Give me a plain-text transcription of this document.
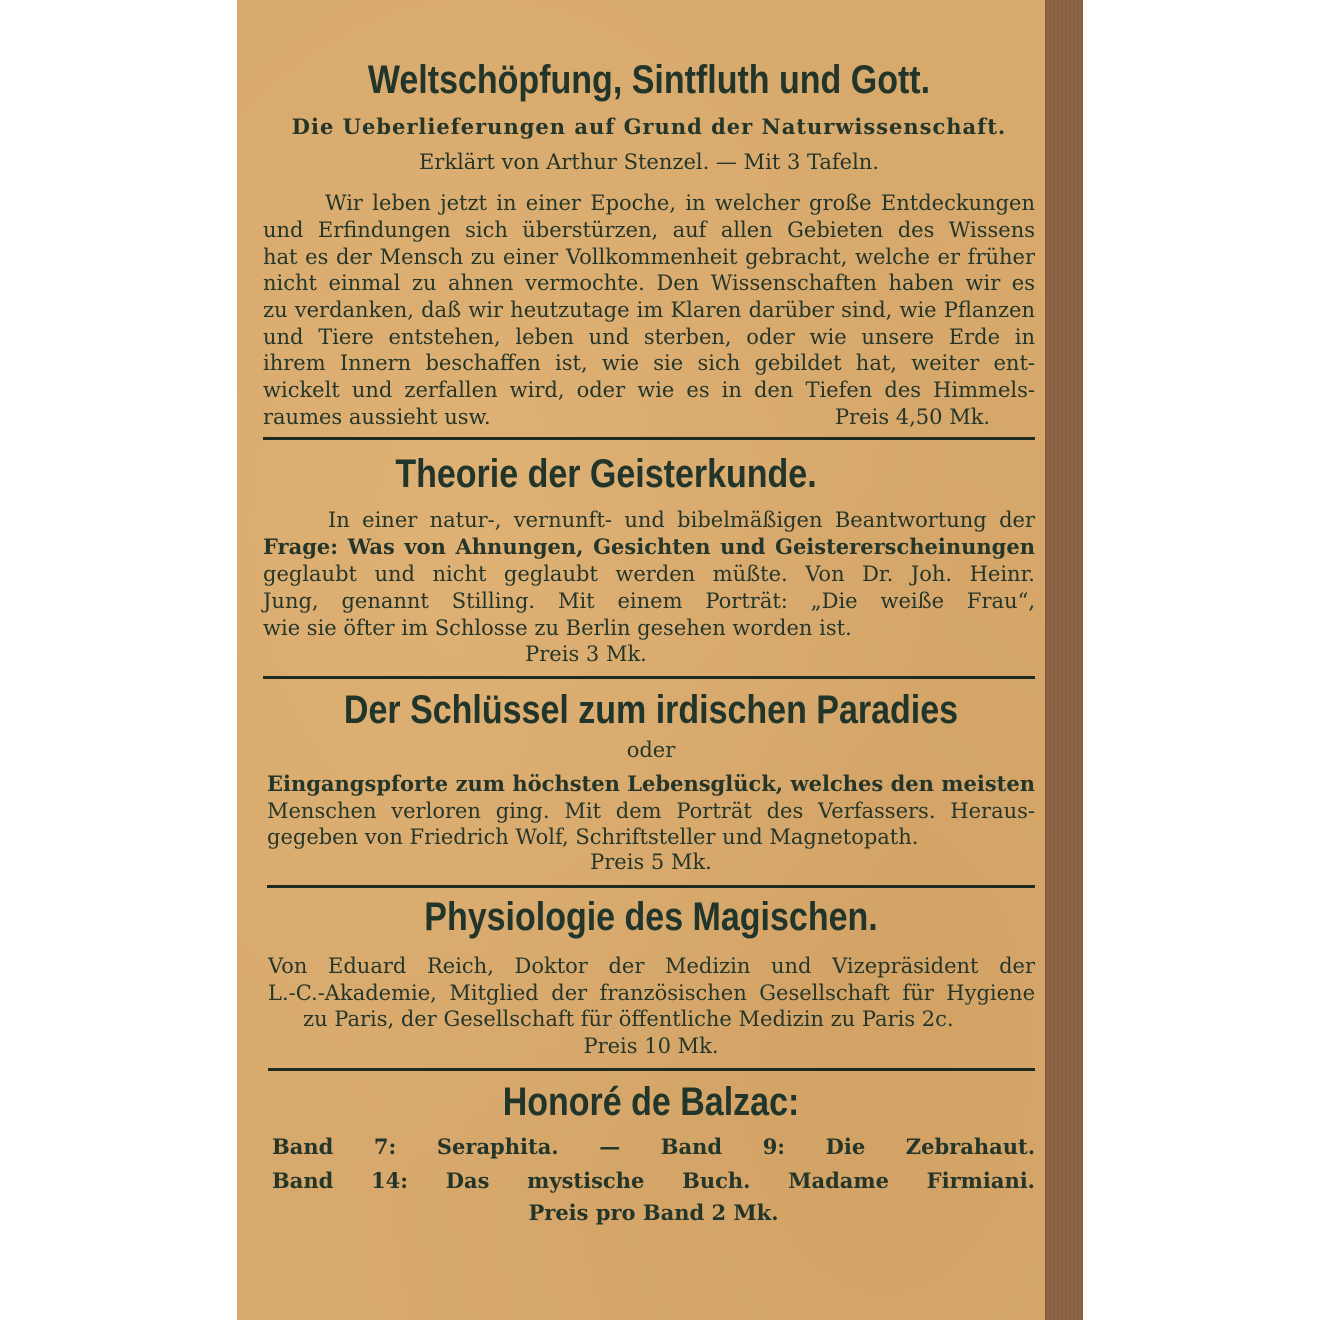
Weltschöpfung, Sintfluth und Gott.
Die Ueberlieferungen auf Grund der Naturwissenschaft.
Erklärt von Arthur Stenzel. — Mit 3 Tafeln.
Wir leben jetzt in einer Epoche, in welcher große Entdeckungen
und Erfindungen sich überstürzen, auf allen Gebieten des Wissens
hat es der Mensch zu einer Vollkommenheit gebracht, welche er früher
nicht einmal zu ahnen vermochte. Den Wissenschaften haben wir es
zu verdanken, daß wir heutzutage im Klaren darüber sind, wie Pflanzen
und Tiere entstehen, leben und sterben, oder wie unsere Erde in
ihrem Innern beschaffen ist, wie sie sich gebildet hat, weiter ent-
wickelt und zerfallen wird, oder wie es in den Tiefen des Himmels-
raumes aussieht usw.	Preis 4,50 Mk.
Theorie der Geisterkunde.
In einer natur-, vernunft- und bibelmäßigen Beantwortung der
Frage: Was von Ahnungen, Gesichten und Geistererscheinungen
geglaubt und nicht geglaubt werden müßte. Von Dr. Joh. Heinr.
Jung, genannt Stilling. Mit einem Porträt: „Die weiße Frau“,
wie sie öfter im Schlosse zu Berlin gesehen worden ist.
Preis 3 Mk.
Der Schlüssel zum irdischen Paradies
oder
Eingangspforte zum höchsten Lebensglück, welches den meisten
Menschen verloren ging. Mit dem Porträt des Verfassers. Heraus-
gegeben von Friedrich Wolf, Schriftsteller und Magnetopath.
Preis 5 Mk.
Physiologie des Magischen.
Von Eduard Reich, Doktor der Medizin und Vizepräsident der
L.-C.-Akademie, Mitglied der französischen Gesellschaft für Hygiene
zu Paris, der Gesellschaft für öffentliche Medizin zu Paris 2c.
Preis 10 Mk.
Honoré de Balzac:
Band 7: Seraphita. — Band 9: Die Zebrahaut.
Band 14: Das mystische Buch. Madame Firmiani.
Preis pro Band 2 Mk.
